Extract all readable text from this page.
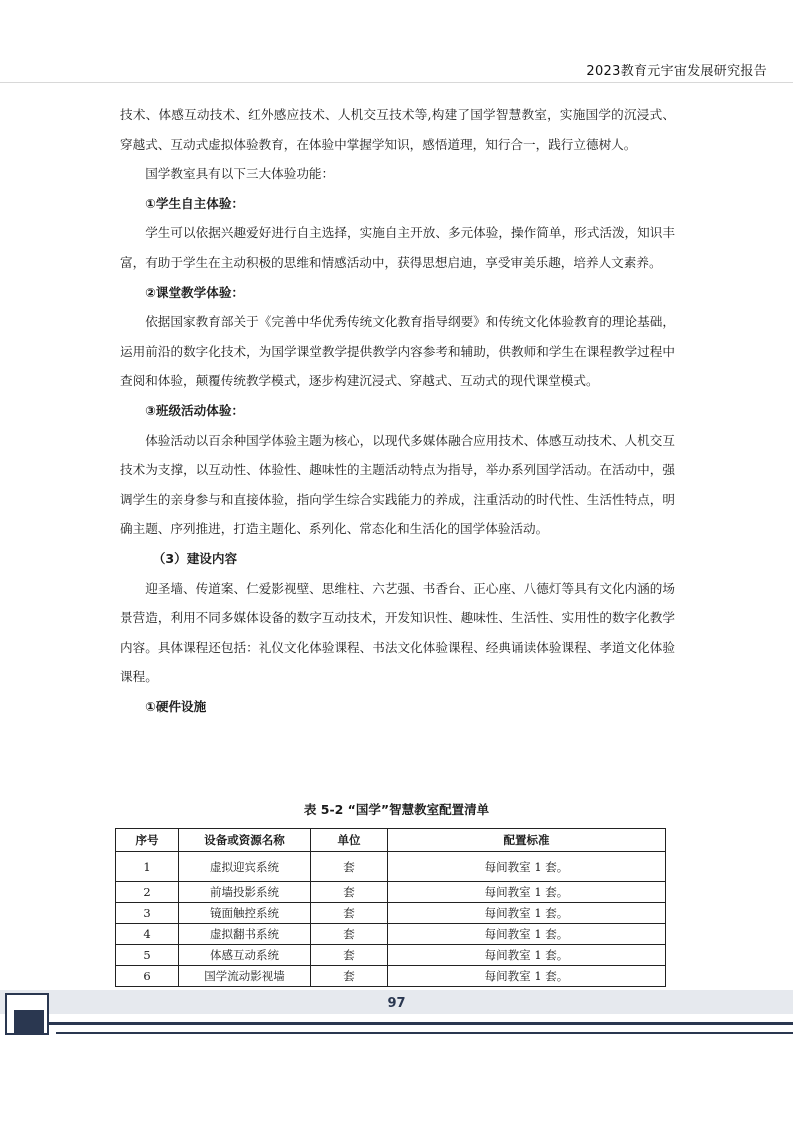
2023教育元宇宙发展研究报告

技术、体感互动技术、红外感应技术、人机交互技术等,构建了国学智慧教室，实施国学的沉浸式、穿越式、互动式虚拟体验教育，在体验中掌握学知识，感悟道理，知行合一，践行立德树人。

国学教室具有以下三大体验功能：

①学生自主体验：

学生可以依据兴趣爱好进行自主选择，实施自主开放、多元体验，操作简单，形式活泼，知识丰富，有助于学生在主动积极的思维和情感活动中，获得思想启迪，享受审美乐趣，培养人文素养。

②课堂教学体验：

依据国家教育部关于《完善中华优秀传统文化教育指导纲要》和传统文化体验教育的理论基础，运用前沿的数字化技术，为国学课堂教学提供教学内容参考和辅助，供教师和学生在课程教学过程中查阅和体验，颠覆传统教学模式，逐步构建沉浸式、穿越式、互动式的现代课堂模式。

③班级活动体验：

体验活动以百余种国学体验主题为核心，以现代多媒体融合应用技术、体感互动技术、人机交互技术为支撑，以互动性、体验性、趣味性的主题活动特点为指导，举办系列国学活动。在活动中，强调学生的亲身参与和直接体验，指向学生综合实践能力的养成，注重活动的时代性、生活性特点，明确主题、序列推进，打造主题化、系列化、常态化和生活化的国学体验活动。

（3）建设内容

迎圣墙、传道案、仁爱影视壁、思维柱、六艺强、书香台、正心座、八德灯等具有文化内涵的场景营造，利用不同多媒体设备的数字互动技术，开发知识性、趣味性、生活性、实用性的数字化教学内容。具体课程还包括：礼仪文化体验课程、书法文化体验课程、经典诵读体验课程、孝道文化体验课程。

①硬件设施

表 5-2 “国学”智慧教室配置清单
序号	设备或资源名称	单位	配置标准
1	虚拟迎宾系统	套	每间教室 1 套。
2	前墙投影系统	套	每间教室 1 套。
3	镜面触控系统	套	每间教室 1 套。
4	虚拟翻书系统	套	每间教室 1 套。
5	体感互动系统	套	每间教室 1 套。
6	国学流动影视墙	套	每间教室 1 套。
97
